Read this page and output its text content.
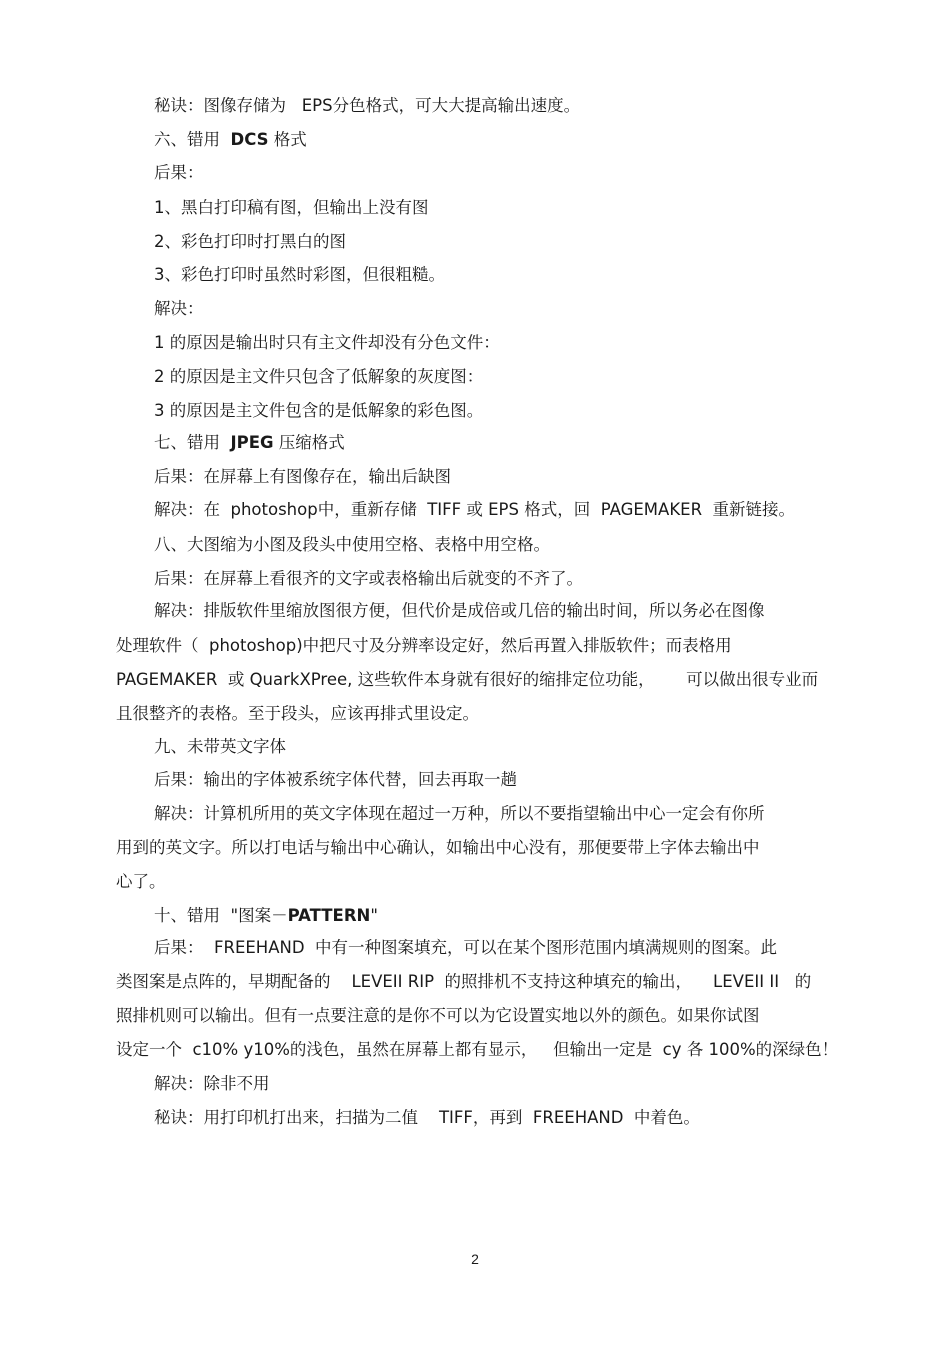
秘诀：图像存储为   EPS分色格式，可大大提高输出速度。
六、错用  DCS 格式
后果：
1、黑白打印稿有图，但输出上没有图
2、彩色打印时打黑白的图
3、彩色打印时虽然时彩图，但很粗糙。
解决：
1 的原因是输出时只有主文件却没有分色文件：
2 的原因是主文件只包含了低解象的灰度图：
3 的原因是主文件包含的是低解象的彩色图。
七、错用  JPEG 压缩格式
后果：在屏幕上有图像存在，输出后缺图
解决：在  photoshop中，重新存储  TIFF 或 EPS 格式，回  PAGEMAKER  重新链接。
八、大图缩为小图及段头中使用空格、表格中用空格。
后果：在屏幕上看很齐的文字或表格输出后就变的不齐了。
解决：排版软件里缩放图很方便，但代价是成倍或几倍的输出时间，所以务必在图像
处理软件（  photoshop)中把尺寸及分辨率设定好，然后再置入排版软件；而表格用
PAGEMAKER  或 QuarkXPree, 这些软件本身就有很好的缩排定位功能，      可以做出很专业而
且很整齐的表格。至于段头，应该再排式里设定。
九、未带英文字体
后果：输出的字体被系统字体代替，回去再取一趟
解决：计算机所用的英文字体现在超过一万种，所以不要指望输出中心一定会有你所
用到的英文字。所以打电话与输出中心确认，如输出中心没有，那便要带上字体去输出中
心了。
十、错用  "图案－PATTERN"
后果：  FREEHAND  中有一种图案填充，可以在某个图形范围内填满规则的图案。此
类图案是点阵的，早期配备的    LEVEII RIP  的照排机不支持这种填充的输出，    LEVEII II   的
照排机则可以输出。但有一点要注意的是你不可以为它设置实地以外的颜色。如果你试图
设定一个  c10% y10%的浅色，虽然在屏幕上都有显示，   但输出一定是  cy 各 100%的深绿色！
解决：除非不用
秘诀：用打印机打出来，扫描为二值    TIFF，再到  FREEHAND  中着色。
2
